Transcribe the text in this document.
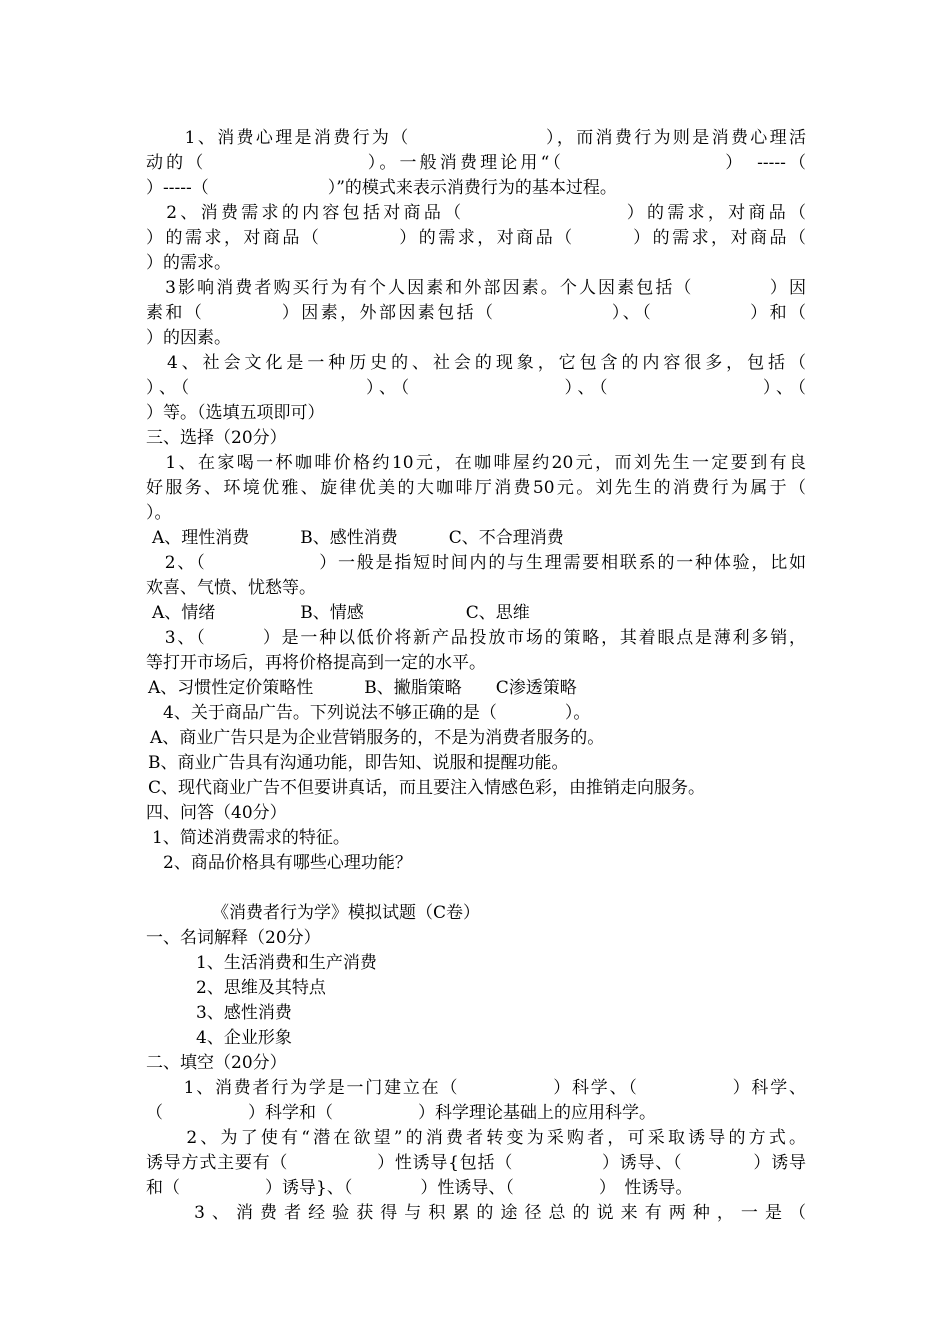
　　1、消费心理是消费行为（　　　　　　　），而消费行为则是消费心理活
动的（　　　　　　　　）。一般消费理论用“（　　　　　　　　）　-----（
）-----（　　　　　　　）”的模式来表示消费行为的基本过程。
　2、消费需求的内容包括对商品（　　　　　　　　）的需求，对商品（
）的需求，对商品（　　　　）的需求，对商品（　　　）的需求，对商品（
）的需求。
　3影响消费者购买行为有个人因素和外部因素。个人因素包括（　　　　）因
素和（　　　　）因素，外部因素包括（　　　　　　）、（　　　　　）和（
）的因素。
　4、社会文化是一种历史的、社会的现象，它包含的内容很多，包括（
）、（　　　　　　　　）、（　　　　　　　）、（　　　　　　　）、（
）等。（选填五项即可）
三、选择（20分）
　1、在家喝一杯咖啡价格约10元，在咖啡屋约20元，而刘先生一定要到有良
好服务、环境优雅、旋律优美的大咖啡厅消费50元。刘先生的消费行为属于（
）。
A、理性消费　　　B、感性消费　　　C、不合理消费
　2、（　　　　　　）一般是指短时间内的与生理需要相联系的一种体验，比如
欢喜、气愤、忧愁等。
A、情绪　　　　　B、情感　　　　　　C、思维
　3、（　　　）是一种以低价将新产品投放市场的策略，其着眼点是薄利多销，
等打开市场后，再将价格提高到一定的水平。
A、习惯性定价策略性　　　B、撇脂策略　　C渗透策略
　4、关于商品广告。下列说法不够正确的是（　　　　）。
A、商业广告只是为企业营销服务的，不是为消费者服务的。
B、商业广告具有沟通功能，即告知、说服和提醒功能。
C、现代商业广告不但要讲真话，而且要注入情感色彩，由推销走向服务。
四、问答（40分）
1、简述消费需求的特征。
　2、商品价格具有哪些心理功能？
《消费者行为学》模拟试题（C卷）
一、名词解释（20分）
1、生活消费和生产消费
2、思维及其特点
3、感性消费
4、企业形象
二、填空（20分）
　　1、消费者行为学是一门建立在（　　　　　）科学、（　　　　　）科学、
（　　　　　）科学和（　　　　　）科学理论基础上的应用科学。
　　2、为了使有“潜在欲望”的消费者转变为采购者，可采取诱导的方式。
诱导方式主要有（　　　　　）性诱导{包括（　　　　　）诱导、（　　　　）诱导
和（　　　　　）诱导}、（　　　　）性诱导、（　　　　　）　性诱导。
　　3、消费者经验获得与积累的途径总的说来有两种，一是（
